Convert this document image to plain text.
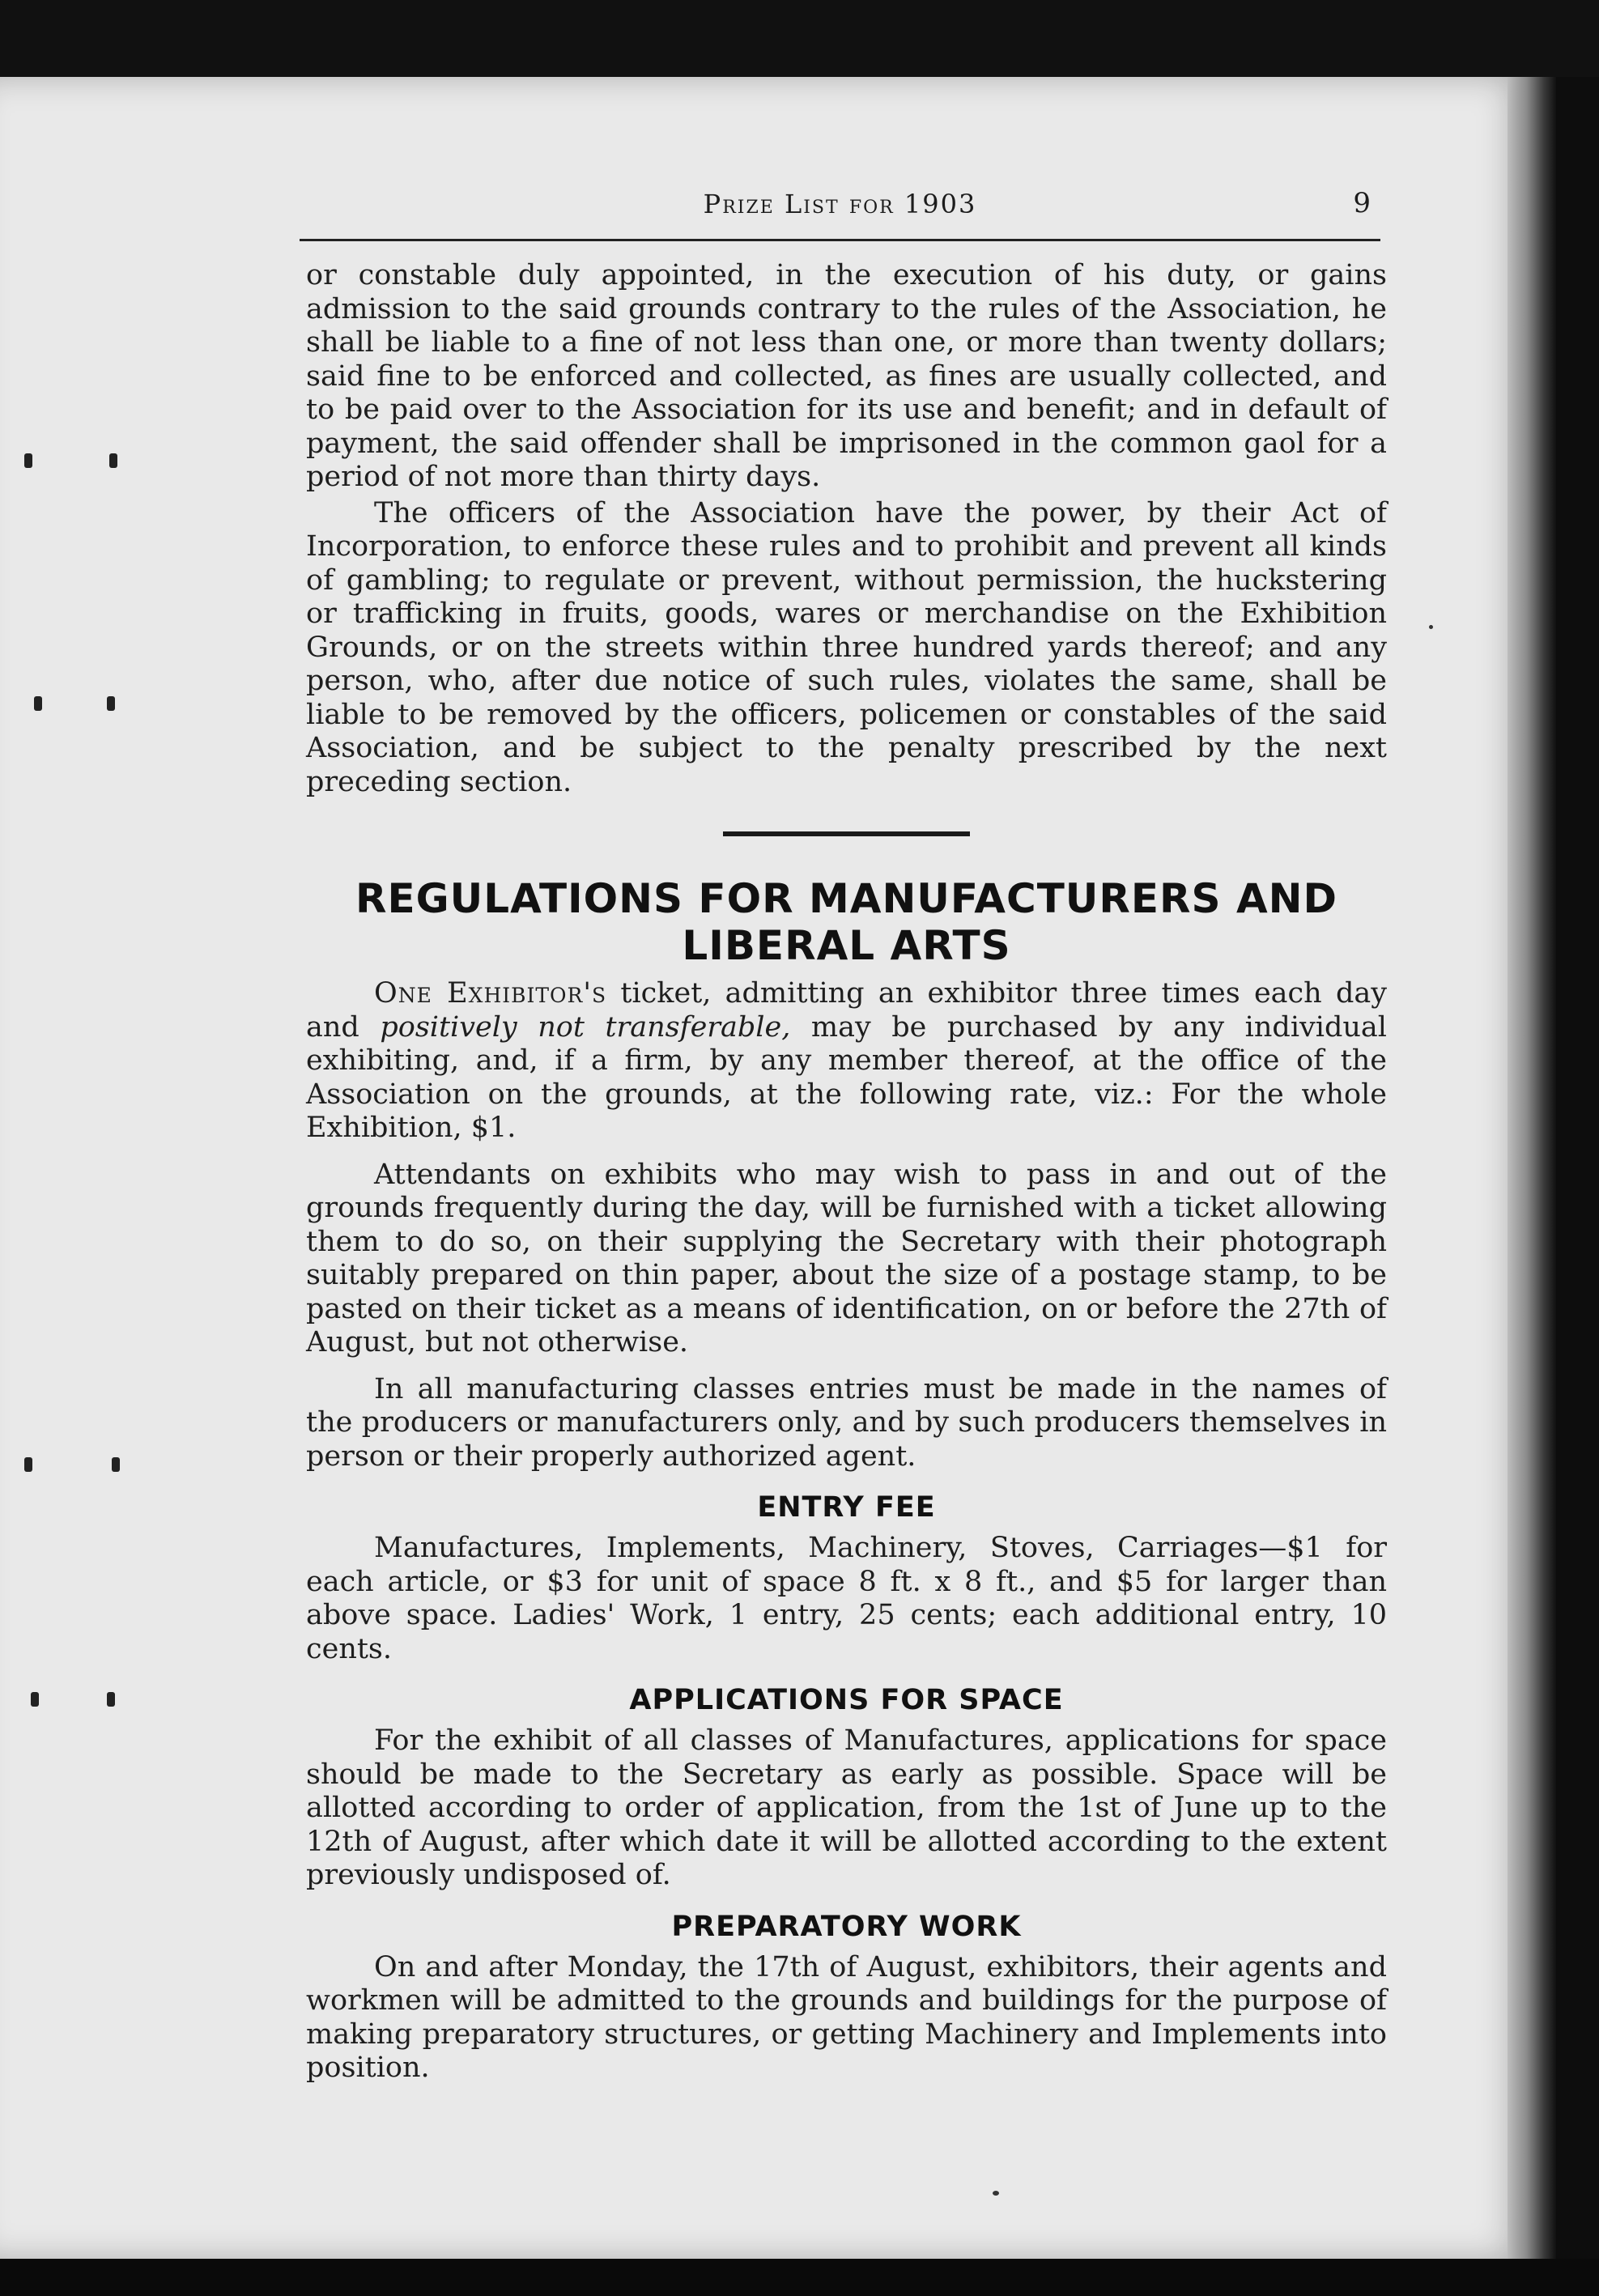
Prize List for 1903	9

or constable duly appointed, in the execution of his duty, or gains admission to the said grounds contrary to the rules of the Association, he shall be liable to a fine of not less than one, or more than twenty dollars; said fine to be enforced and collected, as fines are usually collected, and to be paid over to the Association for its use and benefit; and in default of payment, the said offender shall be imprisoned in the common gaol for a period of not more than thirty days.

The officers of the Association have the power, by their Act of Incorporation, to enforce these rules and to prohibit and prevent all kinds of gambling; to regulate or prevent, without permission, the huckstering or trafficking in fruits, goods, wares or merchandise on the Exhibition Grounds, or on the streets within three hundred yards thereof; and any person, who, after due notice of such rules, violates the same, shall be liable to be removed by the officers, policemen or constables of the said Association, and be subject to the penalty prescribed by the next preceding section.

REGULATIONS FOR MANUFACTURERS AND LIBERAL ARTS

One Exhibitor's ticket, admitting an exhibitor three times each day and positively not transferable, may be purchased by any individual exhibiting, and, if a firm, by any member thereof, at the office of the Association on the grounds, at the following rate, viz.: For the whole Exhibition, $1.

Attendants on exhibits who may wish to pass in and out of the grounds frequently during the day, will be furnished with a ticket allowing them to do so, on their supplying the Secretary with their photograph suitably prepared on thin paper, about the size of a postage stamp, to be pasted on their ticket as a means of identification, on or before the 27th of August, but not otherwise.

In all manufacturing classes entries must be made in the names of the producers or manufacturers only, and by such producers themselves in person or their properly authorized agent.

ENTRY FEE

Manufactures, Implements, Machinery, Stoves, Carriages—$1 for each article, or $3 for unit of space 8 ft. x 8 ft., and $5 for larger than above space. Ladies' Work, 1 entry, 25 cents; each additional entry, 10 cents.

APPLICATIONS FOR SPACE

For the exhibit of all classes of Manufactures, applications for space should be made to the Secretary as early as possible. Space will be allotted according to order of application, from the 1st of June up to the 12th of August, after which date it will be allotted according to the extent previously undisposed of.

PREPARATORY WORK

On and after Monday, the 17th of August, exhibitors, their agents and workmen will be admitted to the grounds and buildings for the purpose of making preparatory structures, or getting Machinery and Implements into position.
